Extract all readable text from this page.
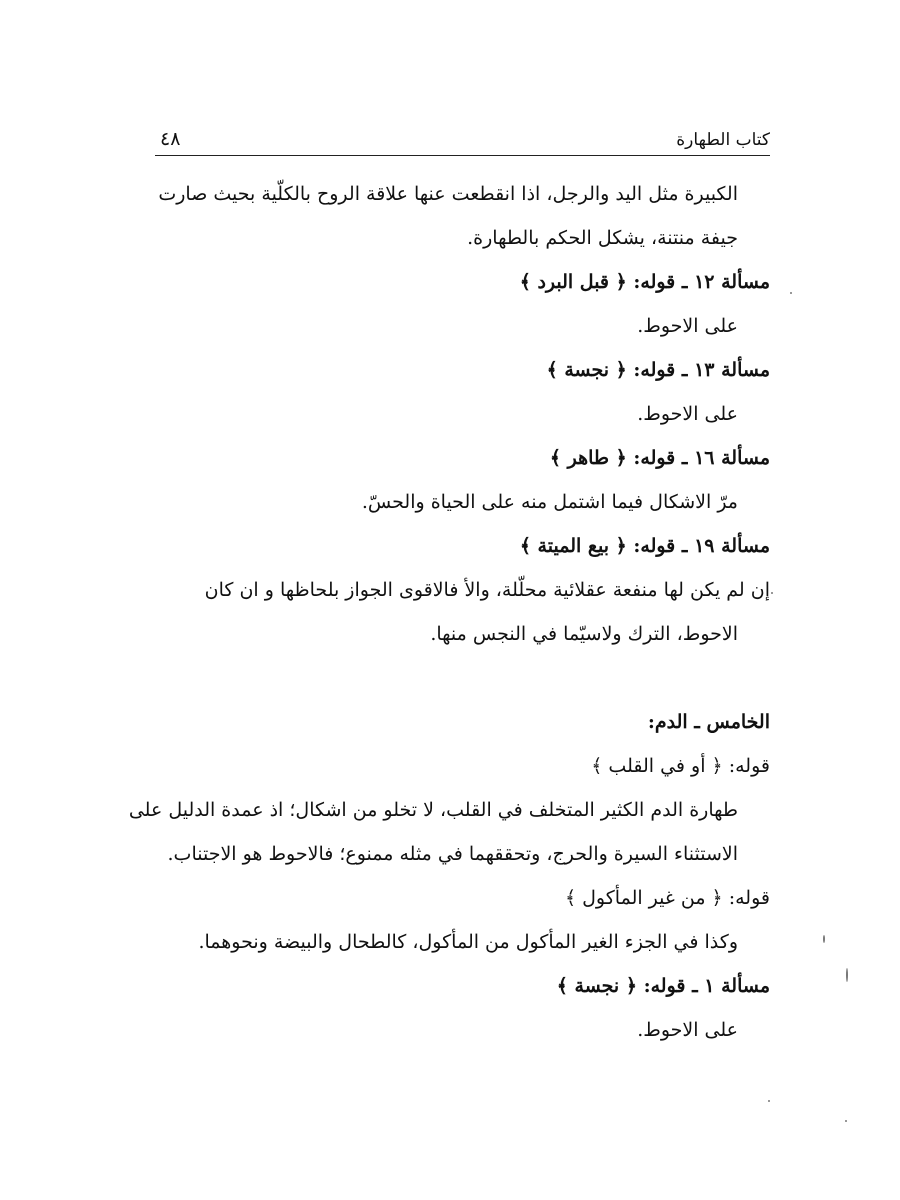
كتاب الطهارة
٤٨
الكبيرة مثل اليد والرجل، اذا انقطعت عنها علاقة الروح بالكلّية بحيث صارت
جيفة منتنة، يشكل الحكم بالطهارة.
مسألة ١٢ ـ قوله: ﴿ قبل البرد ﴾
على الاحوط.
مسألة ١٣ ـ قوله: ﴿ نجسة ﴾
على الاحوط.
مسألة ١٦ ـ قوله: ﴿ طاهر ﴾
مرّ الاشكال فيما اشتمل منه على الحياة والحسّ.
مسألة ١٩ ـ قوله: ﴿ بيع الميتة ﴾
إن لم يكن لها منفعة عقلائية محلّلة، والأ فالاقوى الجواز بلحاظها و ان كان
الاحوط، الترك ولاسيّما في النجس منها.
الخامس ـ الدم:
قوله: ﴿ أو في القلب ﴾
طهارة الدم الكثير المتخلف في القلب، لا تخلو من اشكال؛ اذ عمدة الدليل على
الاستثناء السيرة والحرج، وتحققهما في مثله ممنوع؛ فالاحوط هو الاجتناب.
قوله: ﴿ من غير المأكول ﴾
وكذا في الجزء الغير المأكول من المأكول، كالطحال والبيضة ونحوهما.
مسألة ١ ـ قوله: ﴿ نجسة ﴾
على الاحوط.
